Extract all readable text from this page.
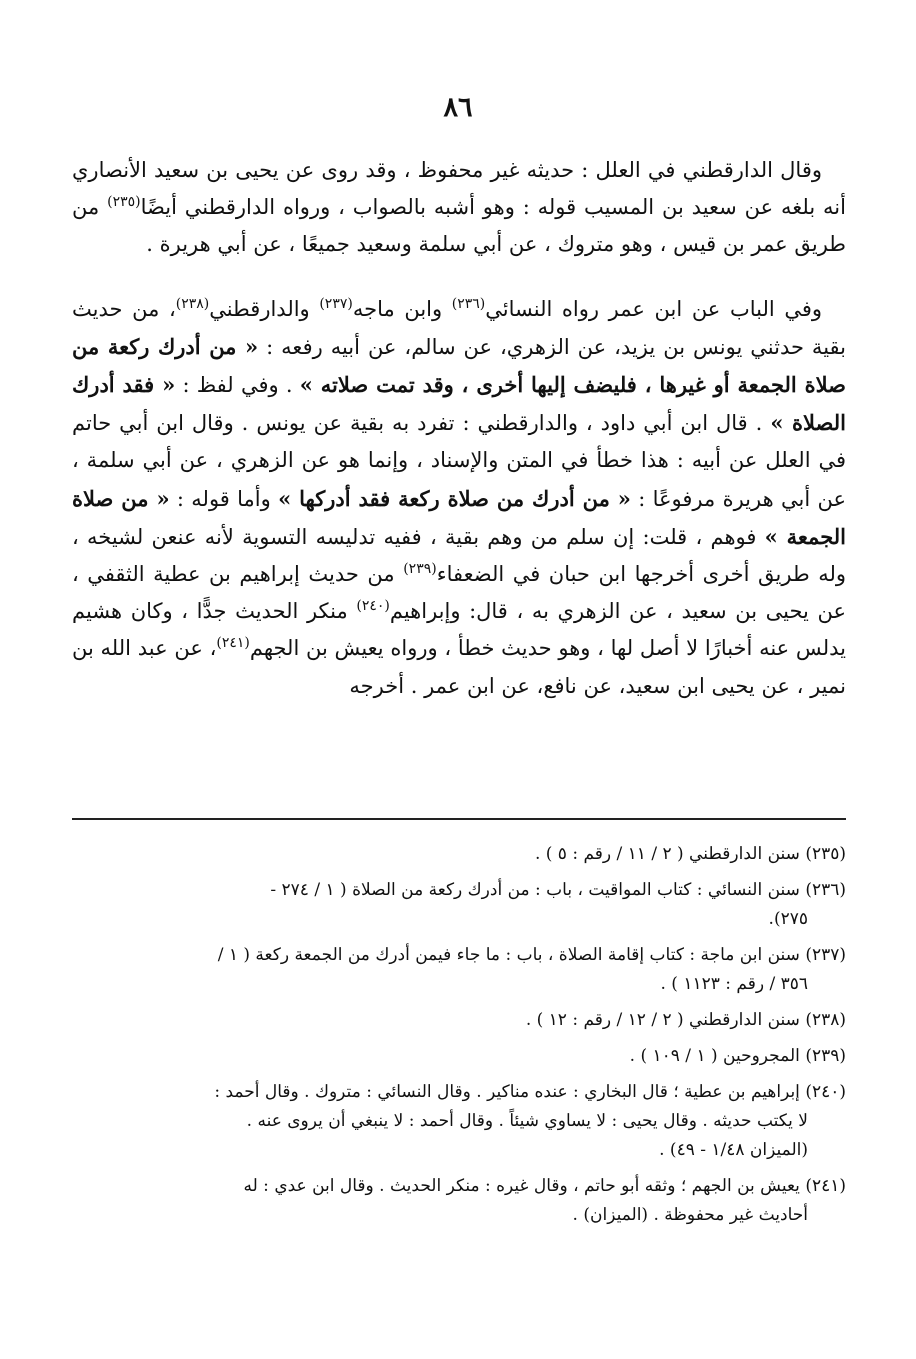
٨٦

وقال الدارقطني في العلل : حديثه غير محفوظ ، وقد روى عن يحيى بن سعيد الأنصاري أنه بلغه عن سعيد بن المسيب قوله : وهو أشبه بالصواب ، ورواه الدارقطني أيضًا$^{(٢٣٥)}$ من طريق عمر بن قيس ، وهو متروك ، عن أبي سلمة وسعيد جميعًا ، عن أبي هريرة .

وفي الباب عن ابن عمر رواه النسائي$^{(٢٣٦)}$ وابن ماجه$^{(٢٣٧)}$ والدارقطني$^{(٢٣٨)}$، من حديث بقية حدثني يونس بن يزيد، عن الزهري، عن سالم، عن أبيه رفعه : « من أدرك ركعة من صلاة الجمعة أو غيرها ، فليضف إليها أخرى ، وقد تمت صلاته » . وفي لفظ : « فقد أدرك الصلاة » . قال ابن أبي داود ، والدارقطني : تفرد به بقية عن يونس . وقال ابن أبي حاتم في العلل عن أبيه : هذا خطأ في المتن والإسناد ، وإنما هو عن الزهري ، عن أبي سلمة ، عن أبي هريرة مرفوعًا : « من أدرك من صلاة ركعة فقد أدركها » وأما قوله : « من صلاة الجمعة » فوهم ، قلت: إن سلم من وهم بقية ، ففيه تدليسه التسوية لأنه عنعن لشيخه ، وله طريق أخرى أخرجها ابن حبان في الضعفاء$^{(٢٣٩)}$ من حديث إبراهيم بن عطية الثقفي ، عن يحيى بن سعيد ، عن الزهري به ، قال: وإبراهيم$^{(٢٤٠)}$ منكر الحديث جدًّا ، وكان هشيم يدلس عنه أخبارًا لا أصل لها ، وهو حديث خطأ ، ورواه يعيش بن الجهم$^{(٢٤١)}$، عن عبد الله بن نمير ، عن يحيى ابن سعيد، عن نافع، عن ابن عمر . أخرجه

(٢٣٥) سنن الدارقطني ( ٢ / ١١ / رقم : ٥ ) .
(٢٣٦) سنن النسائي : كتاب المواقيت ، باب : من أدرك ركعة من الصلاة ( ١ / ٢٧٤ -
٢٧٥).
(٢٣٧) سنن ابن ماجة : كتاب إقامة الصلاة ، باب : ما جاء فيمن أدرك من الجمعة ركعة ( ١ /
٣٥٦ / رقم : ١١٢٣ ) .
(٢٣٨) سنن الدارقطني ( ٢ / ١٢ / رقم : ١٢ ) .
(٢٣٩) المجروحين ( ١ / ١٠٩ ) .
(٢٤٠) إبراهيم بن عطية ؛ قال البخاري : عنده مناكير . وقال النسائي : متروك . وقال أحمد :
لا يكتب حديثه . وقال يحيى : لا يساوي شيئاً . وقال أحمد : لا ينبغي أن يروى عنه .
(الميزان ١/٤٨ - ٤٩) .
(٢٤١) يعيش بن الجهم ؛ وثقه أبو حاتم ، وقال غيره : منكر الحديث . وقال ابن عدي : له
أحاديث غير محفوظة . (الميزان) .
